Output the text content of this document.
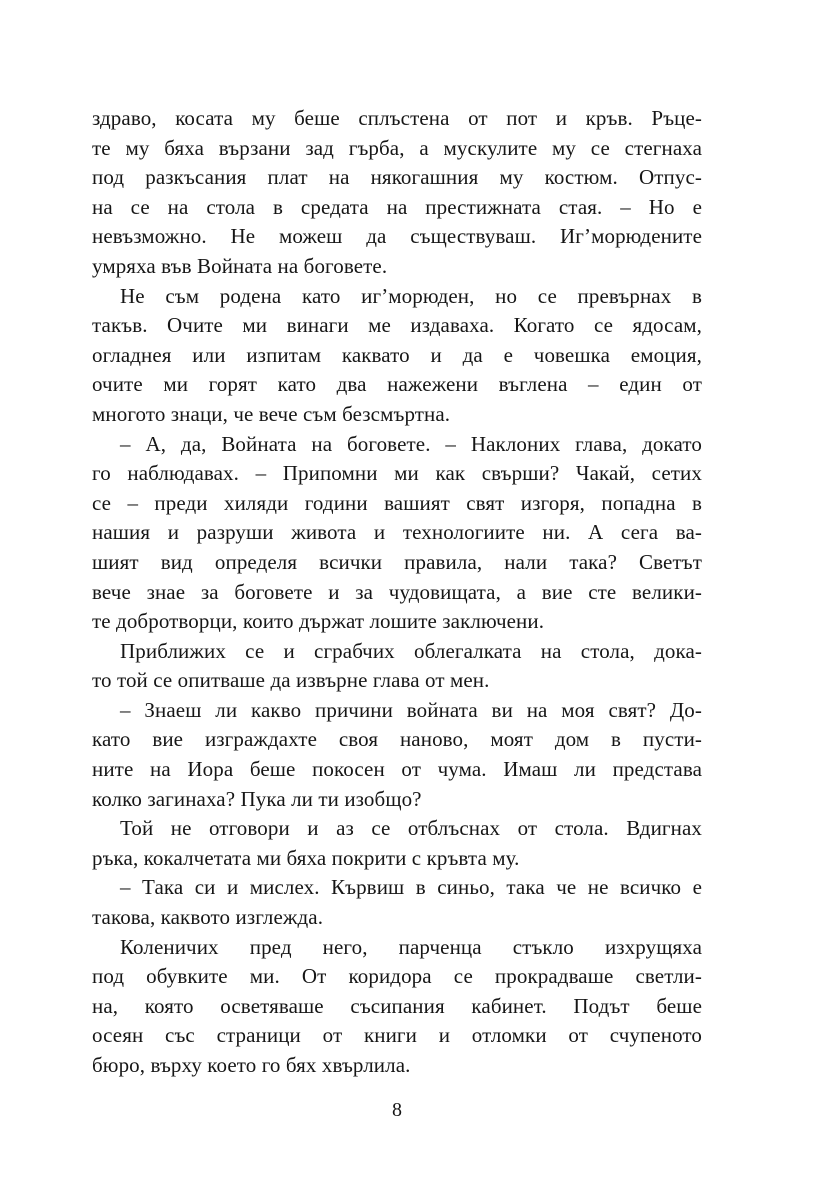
здраво, косата му беше сплъстена от пот и кръв. Ръце-
те му бяха вързани зад гърба, а мускулите му се стегнаха
под разкъсания плат на някогашния му костюм. Отпус-
на се на стола в средата на престижната стая. – Но е
невъзможно. Не можеш да съществуваш. Иг’морюдените
умряха във Войната на боговете.

Не съм родена като иг’морюден, но се превърнах в
такъв. Очите ми винаги ме издаваха. Когато се ядосам,
огладнея или изпитам каквато и да е човешка емоция,
очите ми горят като два нажежени въглена – един от
многото знаци, че вече съм безсмъртна.

– А, да, Войната на боговете. – Наклоних глава, докато
го наблюдавах. – Припомни ми как свърши? Чакай, сетих
се – преди хиляди години вашият свят изгоря, попадна в
нашия и разруши живота и технологиите ни. А сега ва-
шият вид определя всички правила, нали така? Светът
вече знае за боговете и за чудовищата, а вие сте велики-
те добротворци, които държат лошите заключени.

Приближих се и сграбчих облегалката на стола, дока-
то той се опитваше да извърне глава от мен.

– Знаеш ли какво причини войната ви на моя свят? До-
като вие изграждахте своя наново, моят дом в пусти-
ните на Иора беше покосен от чума. Имаш ли представа
колко загинаха? Пука ли ти изобщо?

Той не отговори и аз се отблъснах от стола. Вдигнах
ръка, кокалчетата ми бяха покрити с кръвта му.

– Така си и мислех. Кървиш в синьо, така че не всичко е
такова, каквото изглежда.

Коленичих пред него, парченца стъкло изхрущяха
под обувките ми. От коридора се прокрадваше светли-
на, която осветяваше съсипания кабинет. Подът беше
осеян със страници от книги и отломки от счупеното
бюро, върху което го бях хвърлила.

8
